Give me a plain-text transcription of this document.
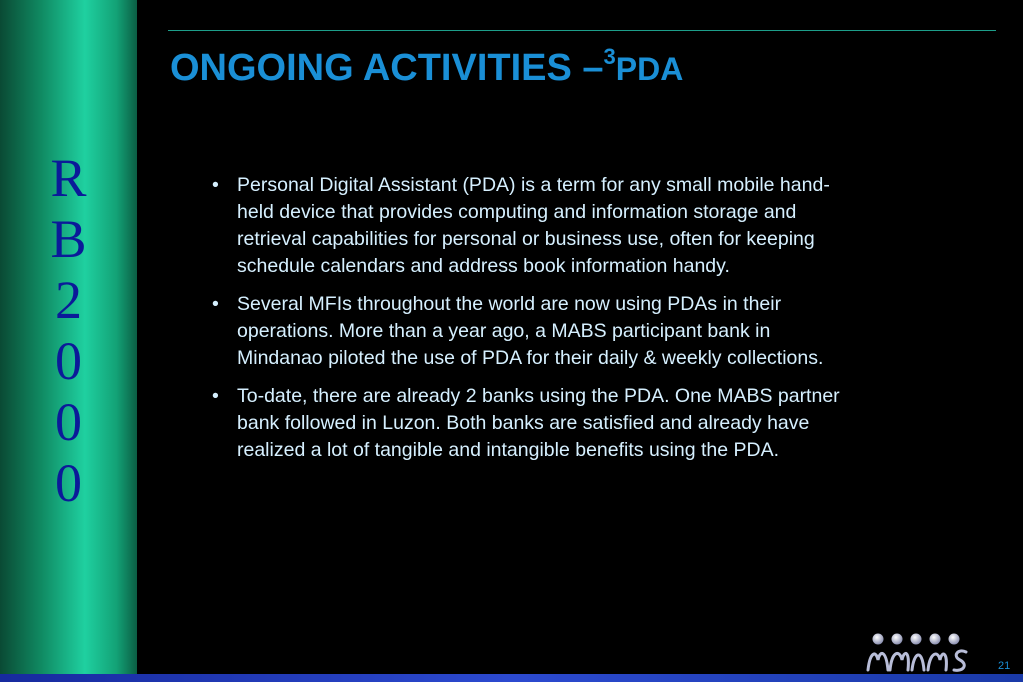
R
B
2
0
0
0
ONGOING ACTIVITIES –$^3$PDA
• Personal Digital Assistant (PDA) is a term for any small mobile hand-held device that provides computing and information storage and retrieval capabilities for personal or business use, often for keeping schedule calendars and address book information handy.
• Several MFIs throughout the world are now using PDAs in their operations. More than a year ago, a MABS participant bank in Mindanao piloted the use of PDA for their daily & weekly collections.
• To-date, there are already 2 banks using the PDA. One MABS partner bank followed in Luzon. Both banks are satisfied and already have realized a lot of tangible and intangible benefits using the PDA.
21
